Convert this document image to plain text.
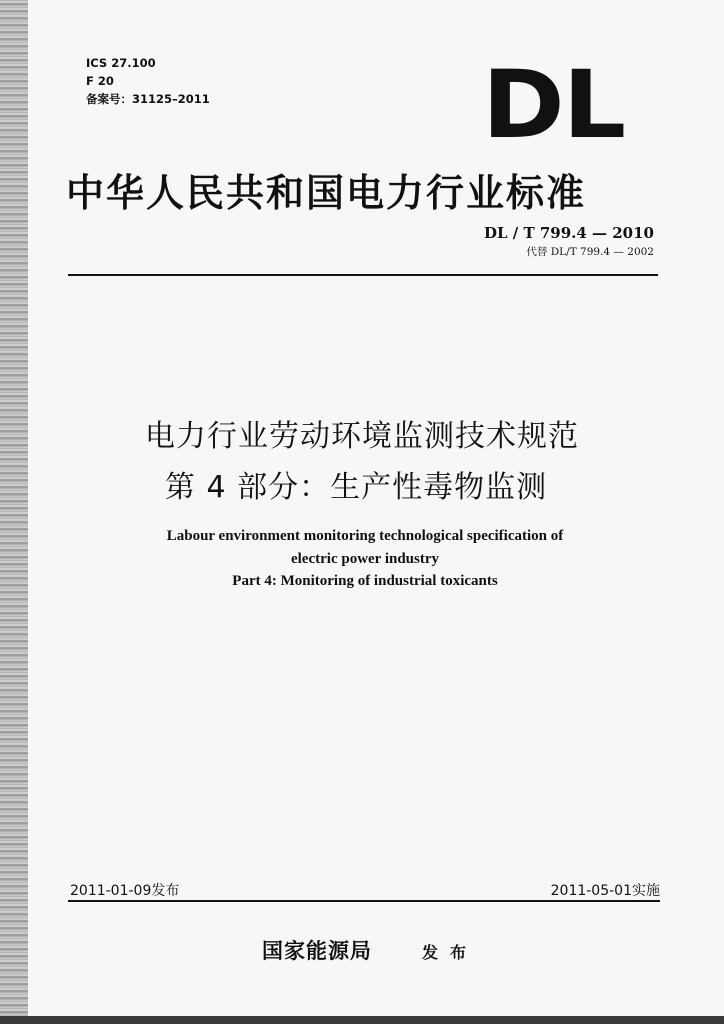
ICS 27.100
F 20
备案号：31125–2011	DL
中华人民共和国电力行业标准
DL / T 799.4 — 2010
代替 DL/T 799.4 — 2002
电力行业劳动环境监测技术规范
第 4 部分：生产性毒物监测
Labour environment monitoring technological specification of
electric power industry
Part 4: Monitoring of industrial toxicants
2011-01-09发布	2011-05-01实施
国家能源局	发布
